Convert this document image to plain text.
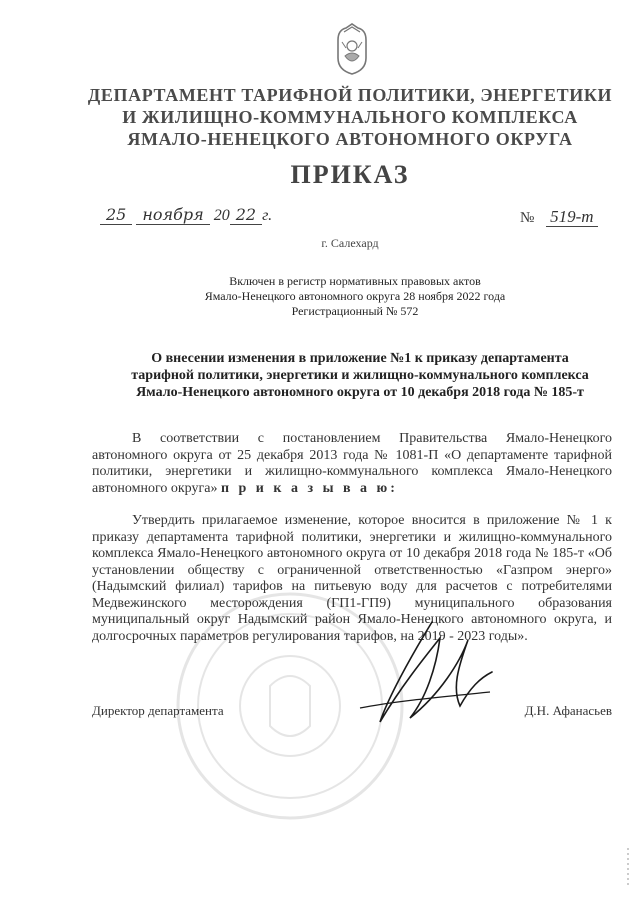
ДЕПАРТАМЕНТ ТАРИФНОЙ ПОЛИТИКИ, ЭНЕРГЕТИКИ
И ЖИЛИЩНО-КОММУНАЛЬНОГО КОМПЛЕКСА
ЯМАЛО-НЕНЕЦКОГО АВТОНОМНОГО ОКРУГА
ПРИКАЗ
25 ноября 20 22 г.	№ 519-т
г. Салехард
Включен в регистр нормативных правовых актов
Ямало-Ненецкого автономного округа 28 ноября 2022 года
Регистрационный № 572
О внесении изменения в приложение №1 к приказу департамента
тарифной политики, энергетики и жилищно-коммунального комплекса
Ямало-Ненецкого автономного округа от 10 декабря 2018 года № 185-т
В соответствии с постановлением Правительства Ямало-Ненецкого автономного округа от 25 декабря 2013 года № 1081-П «О департаменте тарифной политики, энергетики и жилищно-коммунального комплекса Ямало-Ненецкого автономного округа» п р и к а з ы в а ю:
Утвердить прилагаемое изменение, которое вносится в приложение № 1 к приказу департамента тарифной политики, энергетики и жилищно-коммунального комплекса Ямало-Ненецкого автономного округа от 10 декабря 2018 года № 185-т «Об установлении обществу с ограниченной ответственностью «Газпром энерго» (Надымский филиал) тарифов на питьевую воду для расчетов с потребителями Медвежинского месторождения (ГП1-ГП9) муниципального образования муниципальный округ Надымский район Ямало-Ненецкого автономного округа, и долгосрочных параметров регулирования тарифов, на 2019 - 2023 годы».
Директор департамента	Д.Н. Афанасьев
